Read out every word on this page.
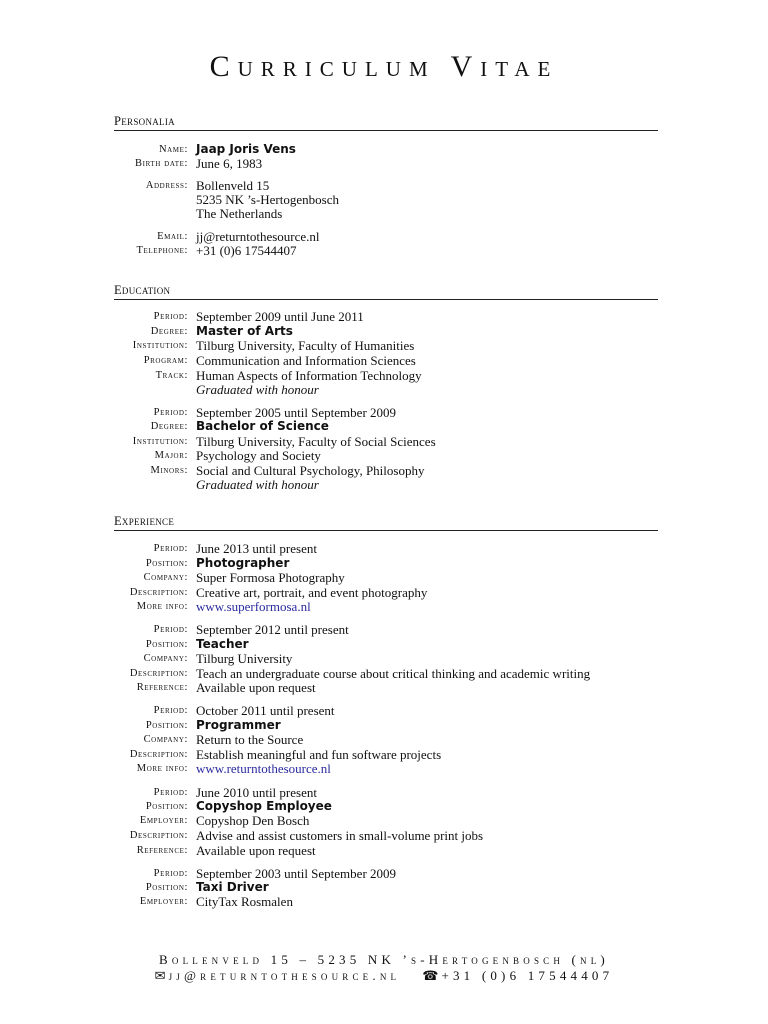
Curriculum Vitae
Personalia
Name: Jaap Joris Vens
Birth date: June 6, 1983
Address: Bollenveld 15
5235 NK ’s-Hertogenbosch
The Netherlands
Email: jj@returntothesource.nl
Telephone: +31 (0)6 17544407
Education
Period: September 2009 until June 2011
Degree: Master of Arts
Institution: Tilburg University, Faculty of Humanities
Program: Communication and Information Sciences
Track: Human Aspects of Information Technology
Graduated with honour
Period: September 2005 until September 2009
Degree: Bachelor of Science
Institution: Tilburg University, Faculty of Social Sciences
Major: Psychology and Society
Minors: Social and Cultural Psychology, Philosophy
Graduated with honour
Experience
Period: June 2013 until present
Position: Photographer
Company: Super Formosa Photography
Description: Creative art, portrait, and event photography
More info: www.superformosa.nl
Period: September 2012 until present
Position: Teacher
Company: Tilburg University
Description: Teach an undergraduate course about critical thinking and academic writing
Reference: Available upon request
Period: October 2011 until present
Position: Programmer
Company: Return to the Source
Description: Establish meaningful and fun software projects
More info: www.returntothesource.nl
Period: June 2010 until present
Position: Copyshop Employee
Employer: Copyshop Den Bosch
Description: Advise and assist customers in small-volume print jobs
Reference: Available upon request
Period: September 2003 until September 2009
Position: Taxi Driver
Employer: CityTax Rosmalen
Bollenveld 15 – 5235 NK ’s-Hertogenbosch (nl)
✉ jj@returntothesource.nl ☎ +31 (0)6 17544407
